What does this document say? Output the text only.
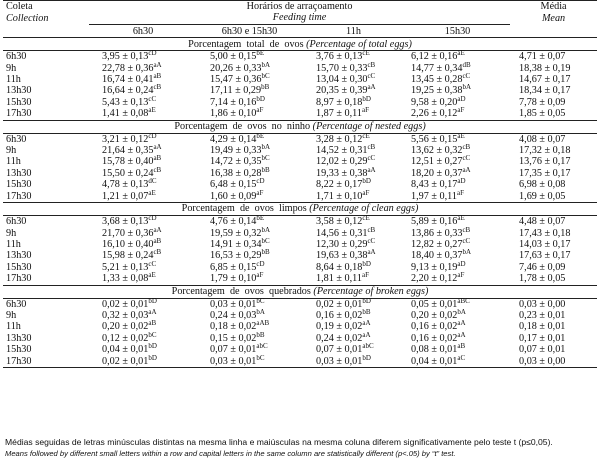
Coleta	Horários de arraçoamento				Média
Collection	Feeding time				Mean
	6h30	6h30 e 15h30	11h	15h30	
Porcentagem  total  de  ovos (Percentage of total eggs)					
6h30	$3,95 \pm 0,13^{cD}$	$5,00 \pm 0,15^{bE}$	$3,76 \pm 0,13^{cE}$	$6,12 \pm 0,16^{aE}$	4,71 ± 0,07
9h	$22,78 \pm 0,36^{aA}$	$20,26 \pm 0,33^{bA}$	$15,70 \pm 0,33^{cB}$	$14,77 \pm 0,34^{dB}$	18,38 ± 0,19
11h	$16,74 \pm 0,41^{aB}$	$15,47 \pm 0,36^{bC}$	$13,04 \pm 0,30^{cC}$	$13,45 \pm 0,28^{cC}$	14,67 ± 0,17
13h30	$16,64 \pm 0,24^{cB}$	$17,11 \pm 0,29^{bB}$	$20,35 \pm 0,39^{aA}$	$19,25 \pm 0,38^{bA}$	18,34 ± 0,17
15h30	$5,43 \pm 0,13^{cC}$	$7,14 \pm 0,16^{bD}$	$8,97 \pm 0,18^{bD}$	$9,58 \pm 0,20^{aD}$	7,78 ± 0,09
17h30	$1,41 \pm 0,08^{aE}$	$1,86 \pm 0,10^{aF}$	$1,87 \pm 0,11^{aF}$	$2,26 \pm 0,12^{aF}$	1,85 ± 0,05
Porcentagem  de  ovos  no  ninho (Percentage of nested eggs)					
6h30	$3,21 \pm 0,12^{cD}$	$4,29 \pm 0,14^{bE}$	$3,28 \pm 0,12^{cE}$	$5,56 \pm 0,15^{aE}$	4,08 ± 0,07
9h	$21,64 \pm 0,35^{aA}$	$19,49 \pm 0,33^{bA}$	$14,52 \pm 0,31^{cB}$	$13,62 \pm 0,32^{cB}$	17,32 ± 0,18
11h	$15,78 \pm 0,40^{aB}$	$14,72 \pm 0,35^{bC}$	$12,02 \pm 0,29^{cC}$	$12,51 \pm 0,27^{cC}$	13,76 ± 0,17
13h30	$15,50 \pm 0,24^{cB}$	$16,38 \pm 0,28^{bB}$	$19,33 \pm 0,38^{aA}$	$18,20 \pm 0,37^{aA}$	17,35 ± 0,17
15h30	$4,78 \pm 0,13^{dC}$	$6,48 \pm 0,15^{cD}$	$8,22 \pm 0,17^{bD}$	$8,43 \pm 0,17^{aD}$	6,98 ± 0,08
17h30	$1,21 \pm 0,07^{aE}$	$1,60 \pm 0,09^{aF}$	$1,71 \pm 0,10^{aF}$	$1,97 \pm 0,11^{aF}$	1,69 ± 0,05
Porcentagem  de  ovos  limpos (Percentage of clean eggs)					
6h30	$3,68 \pm 0,13^{cD}$	$4,76 \pm 0,14^{bE}$	$3,58 \pm 0,12^{cE}$	$5,89 \pm 0,16^{aE}$	4,48 ± 0,07
9h	$21,70 \pm 0,36^{aA}$	$19,59 \pm 0,32^{bA}$	$14,56 \pm 0,31^{cB}$	$13,86 \pm 0,33^{cB}$	17,43 ± 0,18
11h	$16,10 \pm 0,40^{aB}$	$14,91 \pm 0,34^{bC}$	$12,30 \pm 0,29^{cC}$	$12,82 \pm 0,27^{cC}$	14,03 ± 0,17
13h30	$15,98 \pm 0,24^{cB}$	$16,53 \pm 0,29^{bB}$	$19,63 \pm 0,38^{aA}$	$18,40 \pm 0,37^{bA}$	17,63 ± 0,17
15h30	$5,21 \pm 0,13^{cC}$	$6,85 \pm 0,15^{cD}$	$8,64 \pm 0,18^{bD}$	$9,13 \pm 0,19^{aD}$	7,46 ± 0,09
17h30	$1,33 \pm 0,08^{aE}$	$1,79 \pm 0,10^{aF}$	$1,81 \pm 0,11^{aF}$	$2,20 \pm 0,12^{aF}$	1,78 ± 0,05
Porcentagem  de  ovos  quebrados (Percentage of broken eggs)					
6h30	$0,02 \pm 0,01^{bD}$	$0,03 \pm 0,01^{bC}$	$0,02 \pm 0,01^{bD}$	$0,05 \pm 0,01^{aBC}$	0,03 ± 0,00
9h	$0,32 \pm 0,03^{aA}$	$0,24 \pm 0,03^{bA}$	$0,16 \pm 0,02^{bB}$	$0,20 \pm 0,02^{bA}$	0,23 ± 0,01
11h	$0,20 \pm 0,02^{aB}$	$0,18 \pm 0,02^{aAB}$	$0,19 \pm 0,02^{aA}$	$0,16 \pm 0,02^{aA}$	0,18 ± 0,01
13h30	$0,12 \pm 0,02^{bC}$	$0,15 \pm 0,02^{bB}$	$0,24 \pm 0,02^{aA}$	$0,16 \pm 0,02^{aA}$	0,17 ± 0,01
15h30	$0,04 \pm 0,01^{bD}$	$0,07 \pm 0,01^{abC}$	$0,07 \pm 0,01^{abC}$	$0,08 \pm 0,01^{aB}$	0,07 ± 0,01
17h30	$0,02 \pm 0,01^{bD}$	$0,03 \pm 0,01^{bC}$	$0,03 \pm 0,01^{bD}$	$0,04 \pm 0,01^{aC}$	0,03 ± 0,00
Médias seguidas de letras minúsculas distintas na mesma linha e maiúsculas na mesma coluna diferem significativamente pelo teste t (p≤0,05).
Means followed by different small letters within a row and capital letters in the same column are statistically different (p<.05) by “t” test.
